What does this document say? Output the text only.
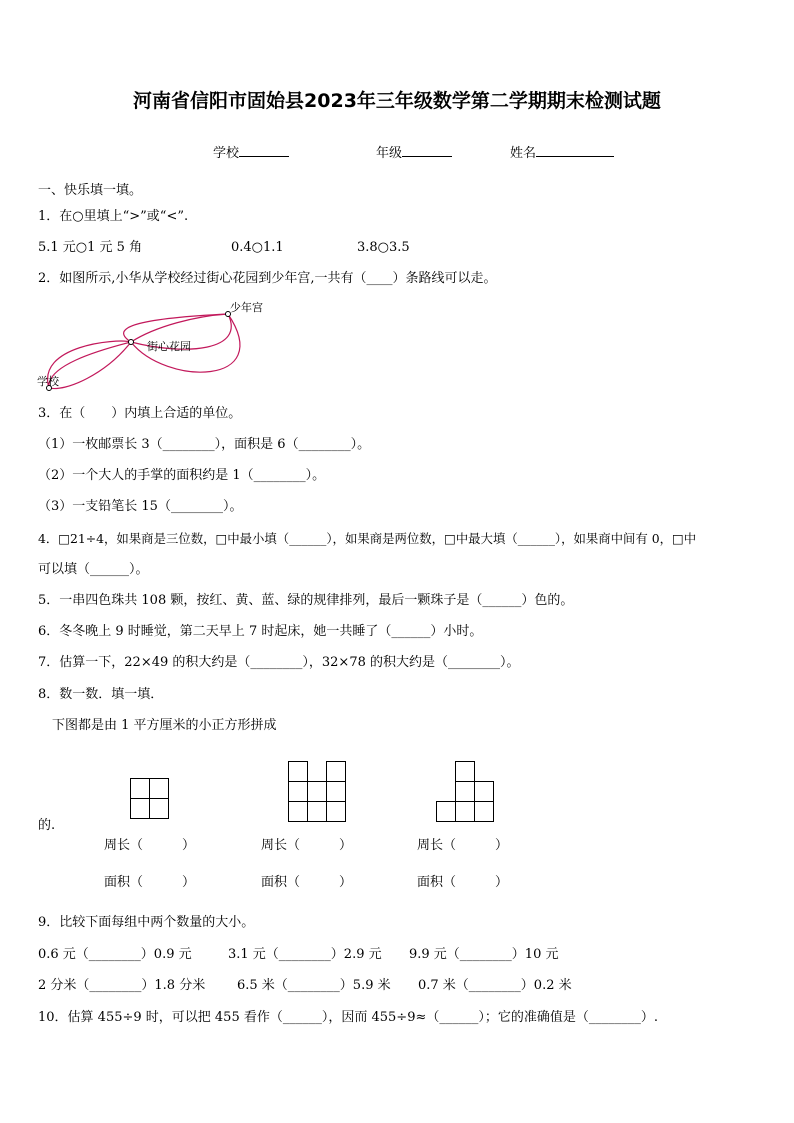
河南省信阳市固始县2023年三年级数学第二学期期末检测试题
学校	年级	姓名
一、快乐填一填。
1．在○里填上“>”或“<”.
5.1 元○1 元 5 角	0.4○1.1	3.8○3.5
2．如图所示,小华从学校经过街心花园到少年宫,一共有（____）条路线可以走。
学校
街心花园
少年宫
3．在（　　）内填上合适的单位。
（1）一枚邮票长 3（________），面积是 6（________）。
（2）一个大人的手掌的面积约是 1（________）。
（3）一支铅笔长 15（________）。
4．□21÷4，如果商是三位数，□中最小填（______），如果商是两位数，□中最大填（______），如果商中间有 0，□中
可以填（______）。
5．一串四色珠共 108 颗，按红、黄、蓝、绿的规律排列，最后一颗珠子是（______）色的。
6．冬冬晚上 9 时睡觉，第二天早上 7 时起床，她一共睡了（______）小时。
7．估算一下，22×49 的积大约是（________），32×78 的积大约是（________）。
8．数一数．填一填．
下图都是由 1 平方厘米的小正方形拼成
的.
周长（　　　）	周长（　　　）	周长（　　　）
面积（　　　）	面积（　　　）	面积（　　　）
9．比较下面每组中两个数量的大小。
0.6 元（________）0.9 元	3.1 元（________）2.9 元 9.9 元（________）10 元
2 分米（________）1.8 分米 6.5 米（________）5.9 米 0.7 米（________）0.2 米
10．估算 455÷9 时，可以把 455 看作（______），因而 455÷9≈（______）；它的准确值是（________）.
